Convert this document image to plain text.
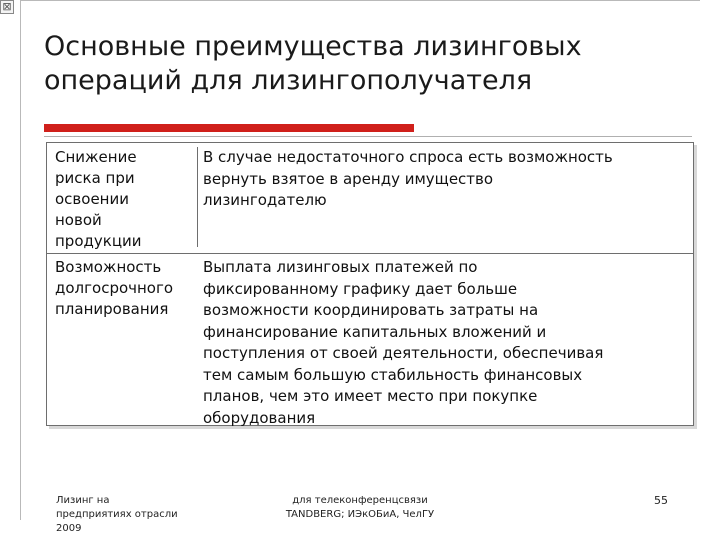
⊠
Основные преимущества лизинговых
операций для лизингополучателя
Снижение
риска при
освоении
новой
продукции
В случае недостаточного спроса есть возможность
вернуть взятое в аренду имущество
лизингодателю
Возможность
долгосрочного
планирования
Выплата лизинговых платежей по
фиксированному графику дает больше
возможности координировать затраты на
финансирование капитальных вложений и
поступления от своей деятельности, обеспечивая
тем самым большую стабильность финансовых
планов, чем это имеет место при покупке
оборудования
Лизинг на
предприятиях отрасли
2009
для телеконференцсвязи
TANDBERG; ИЭкОБиА, ЧелГУ
55
